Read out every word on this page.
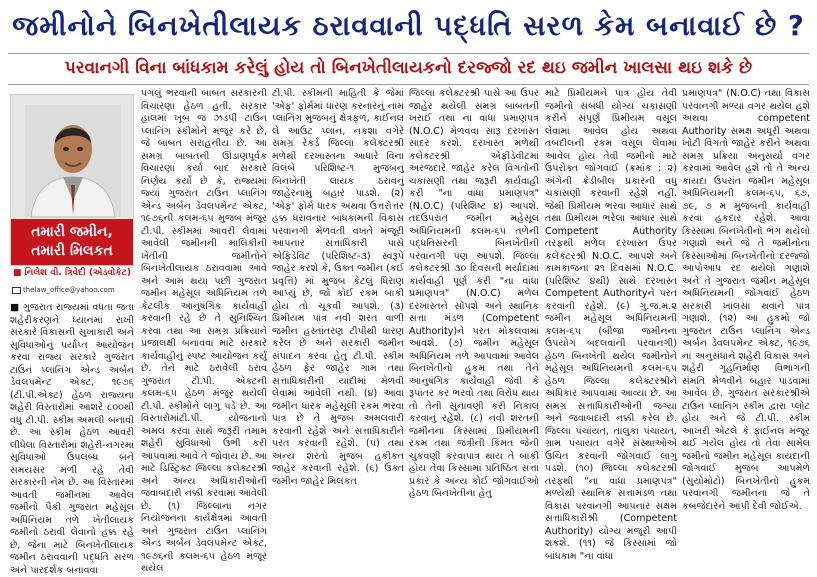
જમીનોને બિનખેતીલાયક ઠરાવવાની પદ્ધતિ સરળ કેમ બનાવાઈ છે ?
પરવાનગી વિના બાંધકામ કરેલું હોય તો બિનખેતીલાયકનો દરજ્જો રદ થઇ જમીન ખાલસા થઇ શકે છે
તમારી જમીન,
તમારી મિલકત
■ નિલેશ વી. ત્રિવેદી (એડવોકેટ)
thelaw_office@yahoo.com

■ ગુજરાત રાજ્યમાં વધતા જતા શહેરીકરણને ધ્યાનમાં રાખી સરકારે વિકાસની સુખાકારી અને સુવિધાઓનું પર્યાપ્ત આયોજન કરવા રાજ્ય સરકારે ગુજરાત ટાઉન પ્લાનિંગ એન્ડ અર્બન ડેવલપમેન્ટ એક્ટ, ૧૯૭૬ (ટી.પી.એક્ટ) હેઠળ રાજ્યના શહેરી વિસ્તારોમાં આશરે ૮૦૦થી વધુ ટી.પી. સ્કીમ અમલી બનાવી છે. આ સ્કીમ હેઠળ આવરી લીધેલા વિસ્તારોમાં શહેરી-નગરમાં સુવિધાઓ ઉપલબ્ધ બને સમયસર મળી રહે તેવી સરકારની નેમ છે. આ વિસ્તારમાં આવતી જમીનમાં આવેલ જમીનો પૈકી ગુજરાત મહેસૂલ અધિનિયમ તળે ખેતીલાયક જમીનો ઠરાવી લેવાનો હક્ક રહે છે, જેના માટે બિનખેતીલાયક જમીન ઠરાવવાની પદ્ધતિ સરળ અને પારદર્શક બનાવવા

પગલું ભરવાની બાબત સરકારની વિચારણા હેઠળ હતી. સરકાર હાલમાં ખૂબ જ ઝડપી ટાઉન પ્લાનિંગ સ્કીમોને મંજૂર કરે છે, જે બાબત સરાહનીય છે. આ સમગ્ર બાબતની ઊંડાણપૂર્વક વિચારણા કર્યા બાદ સરકારે નિર્ણય કર્યો છે કે, રાજ્યમાં જ્યાં ગુજરાત ટાઉન પ્લાનિંગ એન્ડ અર્બન ડેવલપમેન્ટ એક્ટ, ૧૯૭૬ની કલમ-૬૫ મુજબ મંજૂર ટી.પી. સ્કીમમાં આવરી લેવામાં આવેલી જમીનની માલિકીની ખેતીની જમીનોને બિનખેતીલાયક ઠરાવવામાં આવે અને આમ થયા પછી ગુજરાત જમીન મહેસૂલ અધિનિયમ તળે કેટલીક આનુષંગિક કાર્યવાહી કરવાની રહે છે તે સુનિશ્ચિત કરવા તથા આ સમગ્ર પ્રક્રિયાને પ્રજાલક્ષી બનાવવા માટે સરકારે કાર્યવાહીનું સ્પષ્ટ આયોજન કર્યું છે. તેને માટે ઠરાવેલી ઠરાવ ગુજરાત ટી.પી. એક્ટની કલમ-૬૫ હેઠળ મંજૂર થયેલી ટી.પી. સ્કીમોને લાગુ પડે છે. આ વિસ્તારોમાંટી.પી. યોજનાનો અમલ કરવા સાથે જરૂરી તમામ શહેરી સુવિધાઓ ઉભી કરી આપવામાં આવે તે જોવાય છે. આ માટે ડિસ્ટ્રિક્ટ જિલ્લા કલેક્ટરશ્રી અને અન્ય અધિકારીઓની જવાબદારી નક્કી કરવામાં આવેલી છે. (૧) જિલ્લાના નગર નિયોજનના કાર્યક્ષેત્રમાં આવતી અને ગુજરાત ટાઉન પ્લાનિંગ એન્ડ અર્બન ડેવલપમેન્ટ એક્ટ, ૧૯૭૬ની કલમ-૬૫ હેઠળ મંજૂર થયેલ

ટી.પી. સ્કીમની માહિતી કે જેમાં 'એફ' ફોર્મમાં ધારણ કરનારનું નામ પ્લાનિંગ મુજબનું ક્ષેત્રફળ, કાઈનલ લે આઉટ પ્લાન, નકશા વગેરે સમગ્ર રેકર્ડ જિલ્લા કલેક્ટરશ્રી મળેથી દરખાસ્તના આધારે વિના વિલંબે પરિશિષ્ટ-૧ મુજબનું બિનખેતી લાયક ઠરાવનું જાહેરનામું બહાર પાડશે. (૨) 'એફ' ફોર્મ ધારક અથવા ઉત્તરોત્તર હક્ક ધરાવનાર બાંધકામની વિકાસ પરવાનગી મેળવતી વખતે મંજૂરી આપનાર સત્તાધિકારી પાસે એફિડેવિટ (પરિશિષ્ટ-૩) સ્વરૂપે જાહેર કરશે કે, ઉક્ત જમીન (કઈ પ્રવૃત્તિ) માં મુજબ કેટલું ધિરાણ આપ્યું છે, જો કોઈ રકમ બાકી હોય તો ચૂકવી આપશે. (૩) પ્રિમીયમ પાત્ર નવી શરત વાળી જમીન હસ્તાંતરણ ટીપીથી ધારણ કરેલ છે અને સરકારી જમીન સંપાદન કરવા હેતુ ટી.પી. સ્કીમ હેઠળ ફેર જાહેર ગામ તથા સત્તાધિકારીની યાદીમાં મેળવી લેવામાં આવેલી નથી. (૪) આવા જમીન ધારક મહેસૂલી રકમ ભરવા પાત્ર છે તે મુજબ અમલવારી કરવાની રહેશે અને સત્તાધિકારીને પરત કરવાની રહેશે. (૫) તથા અન્ય શરતો મુજબ હકીકત જાહેર કરવાની રહેશે. (૬) ઉક્ત જમીન જાહેર મિલકત

જિલ્લા કલેક્ટરશ્રી પાસે આ ઉપર જાહેર થયેલી સમગ્ર બાબતની ખરાઈ તથા ના વાંધા પ્રમાણપત્ર (N.O.C) મેળવવા સારૂ દરખાસ્ત સાદર કરશે. દરખાસ્ત મળેથી કલેક્ટરશ્રી એફીડેવીટમાં અરજદારે જાહેર કરેલ વિગતોની ચકાસણી તથા જરૂરી કાર્યવાહી કરી "ના વાંધા પ્રમાણપત્ર" (N.O.C) (પરિશિષ્ટ ૪) આપશે. તદઉપરાંત જમીન મહેસૂલ અધિનિયમની કલમ-૬૫ તળેની પદ્ધતિસરની બિનખેતીની પરવાનગી પણ આપશે. જિલ્લા કલેક્ટરશ્રી ૩૦ દિવસની મર્યાદામાં કાર્યવાહી પૂર્ણ કરી "ના વાંધા પ્રમાણપત્ર" (N.O.C) મળેલ દરખાસ્તને સોંપશે અને સ્થાનિક સત્તા મંડળ (Competent Authority)ને પરત મોકલવામાં આવશે. (૭) જમીન મહેસૂલ અધિનિયમ તળે આપવામાં આવેલ બિનખેતીનો હુકમ તથા તેને આનુષંગિક કાર્યવાહી જેવી કે રૂપાંતર કર ભરવો તથા વિરોધ થાય તો તેની સુનાવણી કરી નિકાલ કરવાનું રહેશે. (૮) નવી શરતની જમીનના કિસ્સામાં પ્રિમીયમની રકમ તથા જંત્રીની કિંમત જેની ચુકવણી કરવાપાત્ર થાય તે બાકી હોય તેવા કિસ્સામાં પ્રતિષ્ઠિત સત્તા પ્રકાર કે અન્ય કોઈ જોગવાઈઓ હેઠળ બિનખેતીના હેતુ

માટે પ્રિમીયમને પાત્ર હોય તેવી જમીનો સબંધી યોગ્ય ચકાસણી કરીને સંપૂર્ણ પ્રિમીયમ વસૂલ લેવામાં આવેલ હોય અથવા તબદીલની રકમ વસૂલ લેવામાં આવેલ હોય તેવી જમીનો માટે ઉપરોક્ત જોગવાઈ (ક્રમાંક : ૨) અંગેની ક્રેડીબીલ પ્રકારની વધુ ચકાસણી કરવાની રહેશે નહીં. જેથી પ્રિમીયમ ભરવા આધાર સાથે તથા પ્રિમીયમ ભરેલા આધાર સાથે Competent Authority તરફથી મળેલ દરખાસ્ત ઉપર કલેક્ટરશ્રી N.O.C. આપશે અને કામકાજના ૨૧ દિવસમાં N.O.C.(પરિશિષ્ટ ૪થી) સાથે દરખાસ્ત Competent Authorityને પરત કરવાની રહેશે. (૯) ગુ.જ.મ.૨ જમીન મહેસૂલ અધિનિયમની કલમ-૬૫ (બીજા જમીનના ઉપયોગ બદલવાની પરવાનગી) હેઠળ બિનખેતી થયેલ જમીનોને મહેસૂલ અધિનિયમની કલમ-૬૫ હેઠળ જિલ્લા કલેક્ટરશ્રીને અધિકાર આપવામાં આવ્યા છે. આ સમગ્ર સત્તાધિકારીઓની જગ્યા અને જવાબદારી નક્કી કરેલ છે. જિલ્લા પંચાયત, તાલુકા પંચાયત, ગ્રામ પંચાયત વગેરે સંસ્થાઓએ ઉચિત કરવાની જોગવાઈ લાગુ પડશે. (૧૦) જિલ્લા કલેક્ટરશ્રી તરફથી "ના વાંધા પ્રમાણપત્ર" મળ્યેથી સ્થાનિક સત્તામંડળ તથા વિકાસ પરવાનગી આપનાર સક્ષમ સત્તાધિકારીશ્રી (Competent Authority) યોગ્ય મંજૂરી આપી શકશે. (૧૧) જે કિસ્સામાં જો બાંધકામ "ના વાંધા

પ્રમાણપત્ર" (N.O.C) તથા વિકાસ પરવાનગી મળ્યા વગર થયેલ હશે અથવા competent Authority સમક્ષ અધૂરી અથવા ખોટી વિગતો જાહેર કરીને અથવા સમગ્ર પ્રક્રિયા અનુસર્યા વગર કરવામાં આવેલ હશે તો તે અન્ય કાયદા ઉપરાંત જમીન મહેસૂલ અધિનિયમની કલમ-૬૫, ૬૭, ૭૯, ૭ મ મુજબની કાર્યવાહી કરવા હકદાર રહેશે. આવા કિસ્સામાં બિનખેતીનો ભંગ થયેલો ગણાશે અને જે તે જમીનોના કિસ્સાઓમાં બિનખેતીનો દરજ્જો આપોઆપ રદ થયેલો ગણાશે અને તે ગુજરાત જમીન મહેસૂલ અધિનિયમની જોગવાઈ હેઠળ સરકારી ખાલસા થવાને પાત્ર ગણાશે. (૧૨) આ હુકમો જો ગુજરાત ટાઉન પ્લાનિંગ એન્ડ અર્બન ડેવલપમેન્ટ એક્ટ, ૧૯૭૬ ના અનુસંધાને શહેરી વિકાસ અને શહેરી ગૃહનિર્માણ વિભાગની સંમતિ મેળવીને બહાર પાડવામાં આવેલ છે. ગુજરાત સરકારશ્રીએ ટાઉન પ્લાનિંગ સ્કીમ દ્વારા પ્લોટ હોય અને જે ટી.પી. સ્કીમ આખરી એટલે કે ફાઈનલ મંજૂર થઈ ગયેલ હોય તો તેવાં સામેલ જમીનો જમીન મહેસૂલ કાયદાની જોગવાઈ મુજબ આપમેળે (સુયોમોટો) બિનખેતીનો હુકમ પરવાનગી જમીનના જે તે કબજેદારને આપી દેવી જોઈએ.
